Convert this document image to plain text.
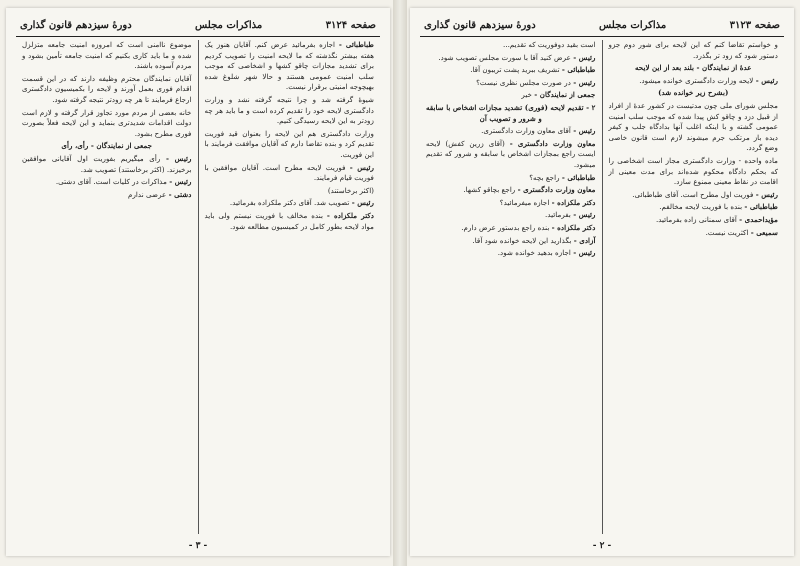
صفحه ۳۱۲۴
مذاکرات مجلس
دورهٔ سیزدهم قانون گذاری

طباطبائی - اجازه بفرمائید عرض کنم. آقایان هنوز یک هفته بیشتر نگذشته که ما لایحه امنیت را تصویب کردیم برای تشدید مجازات چاقو کشها و اشخاصی که موجب سلب امنیت عمومی هستند و حالا شهر شلوغ شده بهیچوجه امنیتی برقرار نیست.

شیوهٔ گرفته شد و چرا نتیجه گرفته نشد و وزارت دادگستری لایحه خود را تقدیم کرده است و ما باید هر چه زودتر به این لایحه رسیدگی کنیم.

وزارت دادگستری هم این لایحه را بعنوان قید فوریت تقدیم کرد و بنده تقاضا دارم که آقایان موافقت فرمایند با این فوریت.

رئیس - فوریت لایحه مطرح است. آقایان موافقین با فوریت قیام فرمایند.

(اکثر برخاستند)

رئیس - تصویب شد. آقای دکتر ملکزاده بفرمائید.

دکتر ملکزاده - بنده مخالف با فوریت نیستم ولی باید مواد لایحه بطور کامل در کمیسیون مطالعه شود.

موضوع ناامنی است که امروزه امنیت جامعه متزلزل شده و ما باید کاری بکنیم که امنیت جامعه تأمین بشود و مردم آسوده باشند.

آقایان نمایندگان محترم وظیفه دارند که در این قسمت اقدام فوری بعمل آورند و لایحه را بکمیسیون دادگستری ارجاع فرمایند تا هر چه زودتر نتیجه گرفته شود.

خانه بعضی از مردم مورد تجاوز قرار گرفته و لازم است دولت اقدامات شدیدتری بنماید و این لایحه فعلاً بصورت فوری مطرح بشود.

جمعی از نمایندگان - رأی، رأی

رئیس - رأی میگیریم بفوریت اول آقایانی موافقین برخیزند. (اکثر برخاستند) تصویب شد.

رئیس - مذاکرات در کلیات است. آقای دشتی.

دشتی - عرضی ندارم

- ۳ -
صفحه ۳۱۲۳
مذاکرات مجلس
دورهٔ سیزدهم قانون گذاری

و خواستم تقاضا کنم که این لایحه برای شور دوم جزو دستور شود که زود تر بگذرد.

عدهٔ از نمایندگان - بلند بعد از این لایحه

رئیس - لایحه وزارت دادگستری خوانده میشود.

(بشرح زیر خوانده شد)

مجلس شورای ملی چون مدتیست در کشور عدهٔ از افراد از قبیل دزد و چاقو کش پیدا شده که موجب سلب امنیت عمومی گشته و با اینکه اغلب آنها بدادگاه جلب و کیفر دیده باز مرتکب جرم میشوند لازم است قانون خاصی وضع گردد.

ماده واحده - وزارت دادگستری مجاز است اشخاصی را که بحکم دادگاه محکوم شده‌اند برای مدت معینی از اقامت در نقاط معینی ممنوع سازد.

رئیس - فوریت اول مطرح است. آقای طباطبائی.

طباطبائی - بنده با فوریت لایحه مخالفم.

مؤیداحمدی - آقای سمنانی زاده بفرمائید.

سمیعی - اکثریت نیست.

است بقید دوفوریت که تقدیم...

رئیس - عرض کنید آقا با سورت مجلس تصویب شود.

طباطبائی - تشریف ببرید پشت تریبون آقا.

رئیس - در صورت مجلس نظری نیست؟

جمعی از نمایندگان - خیر

۲ - تقدیم لایحه (فوری) تشدید مجازات اشخاص با سابقه و شرور و تصویب آن

رئیس - آقای معاون وزارت دادگستری.

معاون وزارت دادگستری - (آقای زرین کفش) لایحه ایست راجع بمجازات اشخاص با سابقه و شرور که تقدیم میشود.

طباطبائی - راجع بچه؟

معاون وزارت دادگستری - راجع بچاقو کشها.

دکتر ملکزاده - اجازه میفرمائید؟

رئیس - بفرمائید.

دکتر ملکزاده - بنده راجع بدستور عرض دارم.

آزادی - بگذارید این لایحه خوانده شود آقا.

رئیس - اجازه بدهید خوانده شود.

- ۲ -
